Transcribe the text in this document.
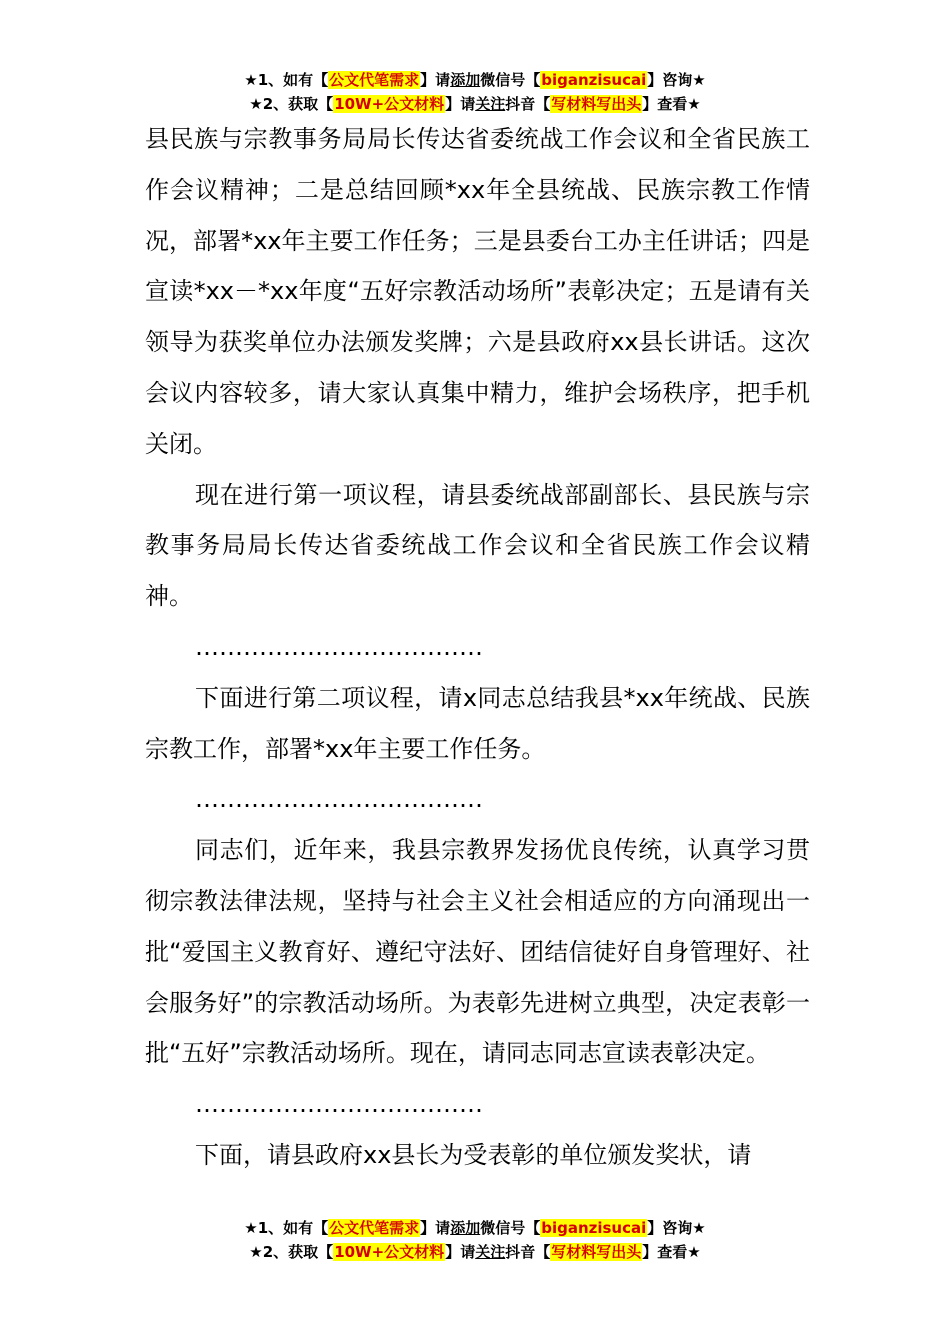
★1、如有【公文代笔需求】请添加微信号【biganzisucai】咨询★
★2、获取【10W+公文材料】请关注抖音【写材料写出头】查看★

县民族与宗教事务局局长传达省委统战工作会议和全省民族工作会议精神；二是总结回顾*xx年全县统战、民族宗教工作情况，部署*xx年主要工作任务；三是县委台工办主任讲话；四是宣读*xx－*xx年度“五好宗教活动场所”表彰决定；五是请有关领导为获奖单位办法颁发奖牌；六是县政府xx县长讲话。这次会议内容较多，请大家认真集中精力，维护会场秩序，把手机关闭。

现在进行第一项议程，请县委统战部副部长、县民族与宗教事务局局长传达省委统战工作会议和全省民族工作会议精神。

………………………………

下面进行第二项议程，请x同志总结我县*xx年统战、民族宗教工作，部署*xx年主要工作任务。

………………………………

同志们，近年来，我县宗教界发扬优良传统，认真学习贯彻宗教法律法规，坚持与社会主义社会相适应的方向涌现出一批“爱国主义教育好、遵纪守法好、团结信徒好自身管理好、社会服务好”的宗教活动场所。为表彰先进树立典型，决定表彰一批“五好”宗教活动场所。现在，请同志同志宣读表彰决定。

………………………………

下面，请县政府xx县长为受表彰的单位颁发奖状，请

★1、如有【公文代笔需求】请添加微信号【biganzisucai】咨询★
★2、获取【10W+公文材料】请关注抖音【写材料写出头】查看★
